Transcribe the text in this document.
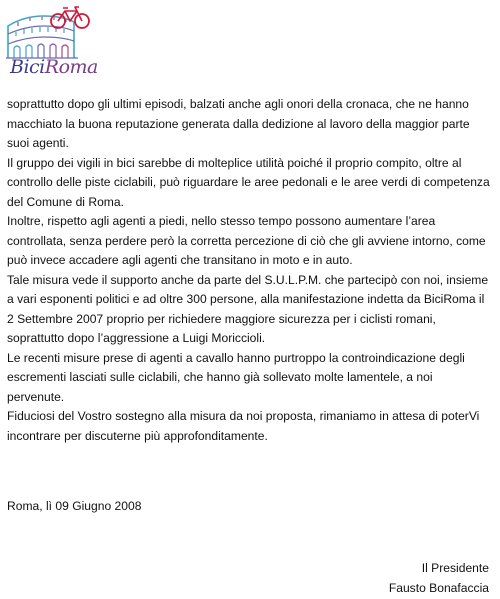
BiciRoma

soprattutto dopo gli ultimi episodi, balzati anche agli onori della cronaca, che ne hanno
macchiato la buona reputazione generata dalla dedizione al lavoro della maggior parte
suoi agenti.

Il gruppo dei vigili in bici sarebbe di molteplice utilità poiché il proprio compito, oltre al
controllo delle piste ciclabili, può riguardare le aree pedonali e le aree verdi di competenza
del Comune di Roma.

Inoltre, rispetto agli agenti a piedi, nello stesso tempo possono aumentare l’area
controllata, senza perdere però la corretta percezione di ciò che gli avviene intorno, come
può invece accadere agli agenti che transitano in moto e in auto.

Tale misura vede il supporto anche da parte del S.U.L.P.M. che partecipò con noi, insieme
a vari esponenti politici e ad oltre 300 persone, alla manifestazione indetta da BiciRoma il
2 Settembre 2007 proprio per richiedere maggiore sicurezza per i ciclisti romani,
soprattutto dopo l’aggressione a Luigi Moriccioli.

Le recenti misure prese di agenti a cavallo hanno purtroppo la controindicazione degli
escrementi lasciati sulle ciclabili, che hanno già sollevato molte lamentele, a noi
pervenute.

Fiduciosi del Vostro sostegno alla misura da noi proposta, rimaniamo in attesa di poterVi
incontrare per discuterne più approfonditamente.

Roma, lì 09 Giugno 2008
Il Presidente
Fausto Bonafaccia
